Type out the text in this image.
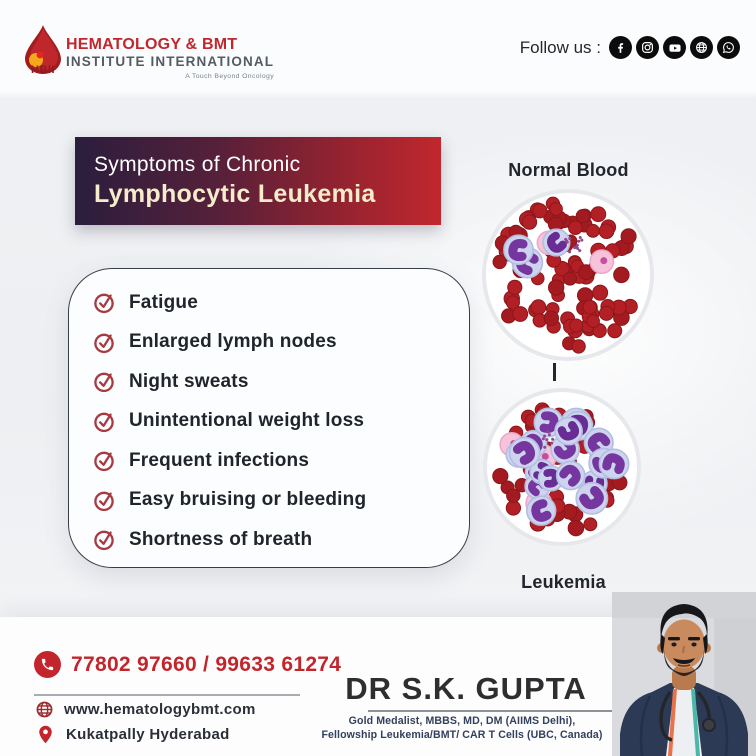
HBII
HEMATOLOGY & BMT
INSTITUTE INTERNATIONAL
A Touch Beyond Oncology
Follow us :
Symptoms of Chronic
Lymphocytic Leukemia
Fatigue
Enlarged lymph nodes
Night sweats
Unintentional weight loss
Frequent infections
Easy bruising or bleeding
Shortness of breath
Normal Blood
Leukemia
77802 97660 / 99633 61274
www.hematologybmt.com
Kukatpally Hyderabad
DR S.K. GUPTA
Gold Medalist, MBBS, MD, DM (AIIMS Delhi),
Fellowship Leukemia/BMT/ CAR T Cells (UBC, Canada)
